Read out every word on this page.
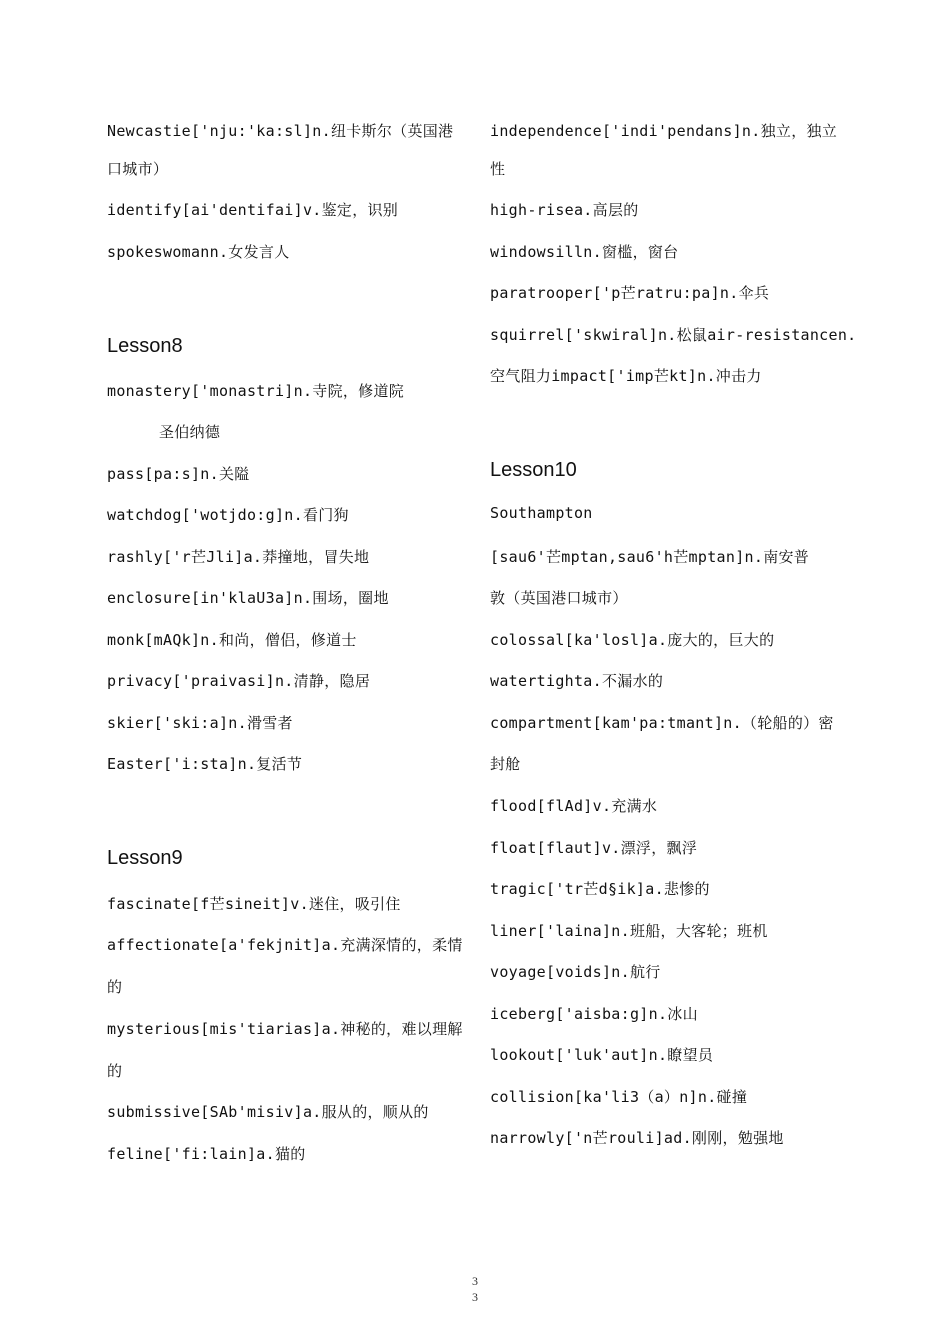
Newcastie['nju:'ka:sl]n.纽卡斯尔（英国港
口城市）
identify[ai'dentifai]v.鉴定，识别
spokeswomann.女发言人
Lesson8
monastery['monastri]n.寺院，修道院
圣伯纳德
pass[pa:s]n.关隘
watchdog['wotjdo:g]n.看门狗
rashly['r芒Jli]a.莽撞地，冒失地
enclosure[in'klaU3a]n.围场，圈地
monk[mAQk]n.和尚，僧侣，修道士
privacy['praivasi]n.清静，隐居
skier['ski:a]n.滑雪者
Easter['i:sta]n.复活节
Lesson9
fascinate[f芒sineit]v.迷住，吸引住
affectionate[a'fekjnit]a.充满深情的，柔情
的
mysterious[mis'tiarias]a.神秘的，难以理解
的
submissive[SAb'misiv]a.服从的，顺从的
feline['fi:lain]a.猫的
independence['indi'pendans]n.独立，独立
性
high-risea.高层的
windowsilln.窗槛，窗台
paratrooper['p芒ratru:pa]n.伞兵
squirrel['skwiral]n.松鼠air-resistancen.
空气阻力impact['imp芒kt]n.冲击力
Lesson10
Southampton
[sau6'芒mptan,sau6'h芒mptan]n.南安普
敦（英国港口城市）
colossal[ka'losl]a.庞大的，巨大的
watertighta.不漏水的
compartment[kam'pa:tmant]n.（轮船的）密
封舱
flood[flAd]v.充满水
float[flaut]v.漂浮，飘浮
tragic['tr芒d§ik]a.悲惨的
liner['laina]n.班船，大客轮；班机
voyage[voids]n.航行
iceberg['aisba:g]n.冰山
lookout['luk'aut]n.瞭望员
collision[ka'li3（a）n]n.碰撞
narrowly['n芒rouli]ad.刚刚，勉强地
3
3
